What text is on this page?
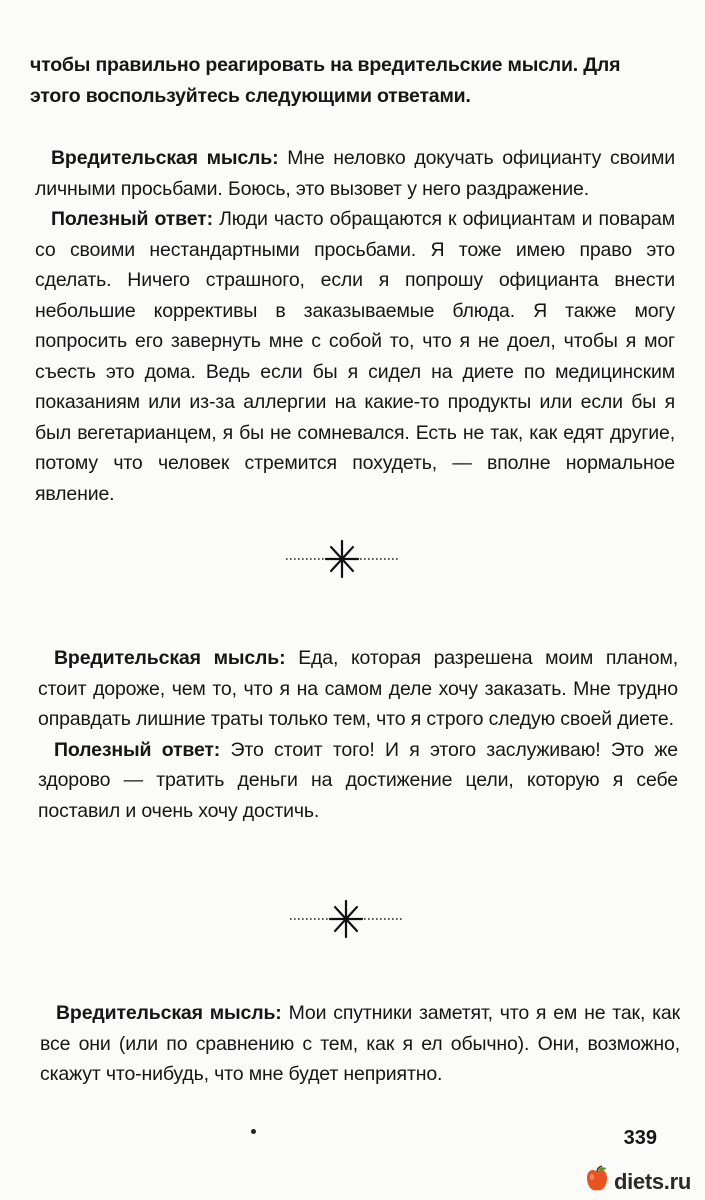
чтобы правильно реагировать на вредительские мысли. Для этого воспользуйтесь следующими ответами.

Вредительская мысль: Мне неловко докучать официанту своими личными просьбами. Боюсь, это вызовет у него раздражение.

Полезный ответ: Люди часто обращаются к официантам и поварам со своими нестандартными просьбами. Я тоже имею право это сделать. Ничего страшного, если я попрошу официанта внести небольшие коррективы в заказываемые блюда. Я также могу попросить его завернуть мне с собой то, что я не доел, чтобы я мог съесть это дома. Ведь если бы я сидел на диете по медицинским показаниям или из-за аллергии на какие-то продукты или если бы я был вегетарианцем, я бы не сомневался. Есть не так, как едят другие, потому что человек стремится похудеть, — вполне нормальное явление.

Вредительская мысль: Еда, которая разрешена моим планом, стоит дороже, чем то, что я на самом деле хочу заказать. Мне трудно оправдать лишние траты только тем, что я строго следую своей диете.

Полезный ответ: Это стоит того! И я этого заслуживаю! Это же здорово — тратить деньги на достижение цели, которую я себе поставил и очень хочу достичь.

Вредительская мысль: Мои спутники заметят, что я ем не так, как все они (или по сравнению с тем, как я ел обычно). Они, возможно, скажут что-нибудь, что мне будет неприятно.

339
diets.ru
